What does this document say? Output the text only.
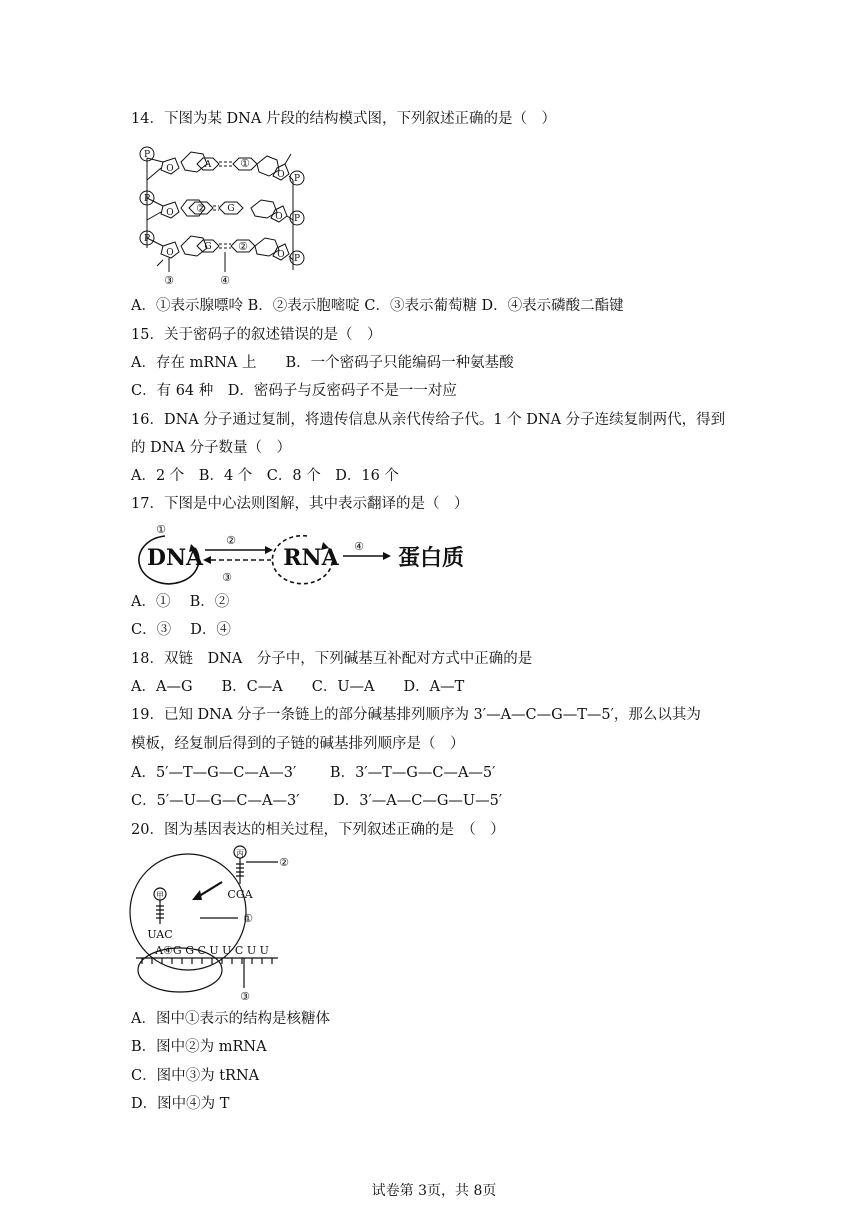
14．下图为某 DNA 片段的结构模式图，下列叙述正确的是（　）
P
P
P
P
P
P
O
O
O
O
O
O
A
G
G
①
②
②
③	④
A．①表示腺嘌呤 B．②表示胞嘧啶 C．③表示葡萄糖 D．④表示磷酸二酯键
15．关于密码子的叙述错误的是（　）
A．存在 mRNA 上　　B．一个密码子只能编码一种氨基酸
C．有 64 种　D．密码子与反密码子不是一一对应
16．DNA 分子通过复制，将遗传信息从亲代传给子代。1 个 DNA 分子连续复制两代，得到
的 DNA 分子数量（　）
A．2 个　B．4 个　C．8 个　D．16 个
17．下图是中心法则图解，其中表示翻译的是（　）
①
②
③
④
DNA	RNA	蛋白质
A．①　 B．②
C．③　 D．④
18．双链　DNA　分子中，下列碱基互补配对方式中正确的是
A．A—G　　B．C—A　　C．U—A　　D．A—T
19．已知 DNA 分子一条链上的部分碱基排列顺序为 3′—A—C—G—T—5′，那么以其为
模板，经复制后得到的子链的碱基排列顺序是（　）
A．5′—T—G—C—A—3′　　 B．3′—T—G—C—A—5′
C．5′—U—G—C—A—3′　　 D．3′—A—C—G—U—5′
20．图为基因表达的相关过程，下列叙述正确的是　（　）
丙
甲	CGA
UAC
A④G G C U U C U U
②
①
③
A．图中①表示的结构是核糖体
B．图中②为 mRNA
C．图中③为 tRNA
D．图中④为 T
试卷第 3页，共 8页
